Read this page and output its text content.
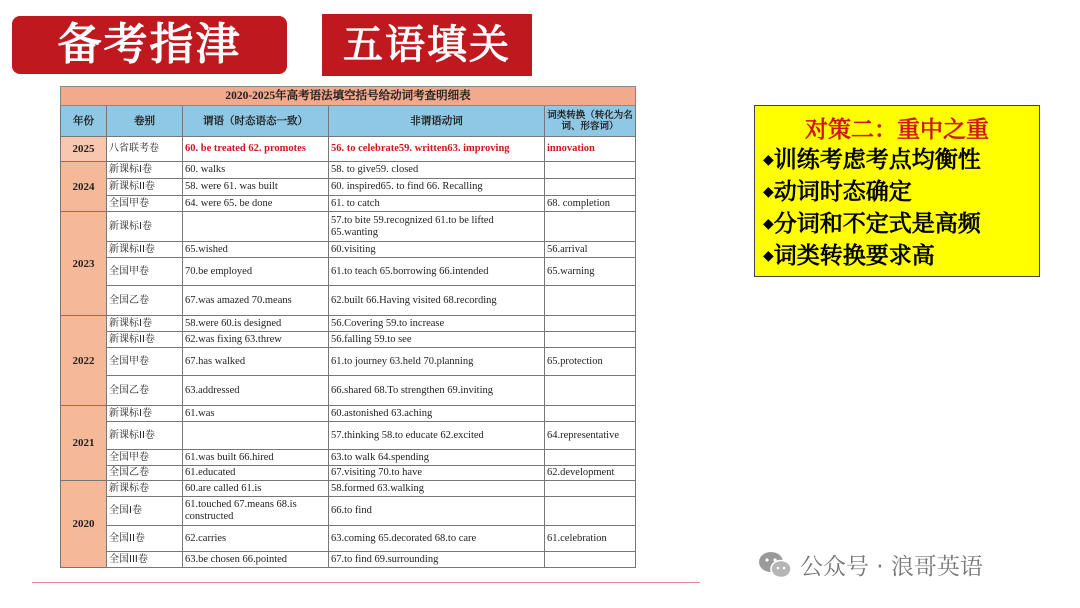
备考指津	五语填关
2020-2025年高考语法填空括号给动词考查明细表				
年份	卷别	谓语（时态语态一致）	非谓语动词	词类转换（转化为名词、形容词）
2025	八省联考卷	60. be treated 62. promotes	56. to celebrate59. written63. improving	innovation
2024	新课标I卷	60. walks	58. to give59. closed	
	新课标II卷	58. were 61. was built	60. inspired65. to find 66. Recalling	
	全国甲卷	64. were 65. be done	61. to catch	68. completion
2023	新课标I卷		57.to bite 59.recognized 61.to be lifted 65.wanting	
	新课标II卷	65.wished	60.visiting	56.arrival
	全国甲卷	70.be employed	61.to teach 65.borrowing 66.intended	65.warning
	全国乙卷	67.was amazed 70.means	62.built 66.Having visited 68.recording	
2022	新课标I卷	58.were 60.is designed	56.Covering 59.to increase	
	新课标II卷	62.was fixing 63.threw	56.falling 59.to see	
	全国甲卷	67.has walked	61.to journey 63.held 70.planning	65.protection
	全国乙卷	63.addressed	66.shared 68.To strengthen 69.inviting	
2021	新课标I卷	61.was	60.astonished 63.aching	
	新课标II卷		57.thinking 58.to educate 62.excited	64.representative
	全国甲卷	61.was built 66.hired	63.to walk 64.spending	
	全国乙卷	61.educated	67.visiting 70.to have	62.development
2020	新课标卷	60.are called 61.is	58.formed 63.walking	
	全国I卷	61.touched 67.means 68.is constructed	66.to find	
	全国II卷	62.carries	63.coming 65.decorated 68.to care	61.celebration
	全国III卷	63.be chosen 66.pointed	67.to find 69.surrounding	
对策二：重中之重
◆训练考虑考点均衡性
◆动词时态确定
◆分词和不定式是高频
◆词类转换要求高
公众号 · 浪哥英语
